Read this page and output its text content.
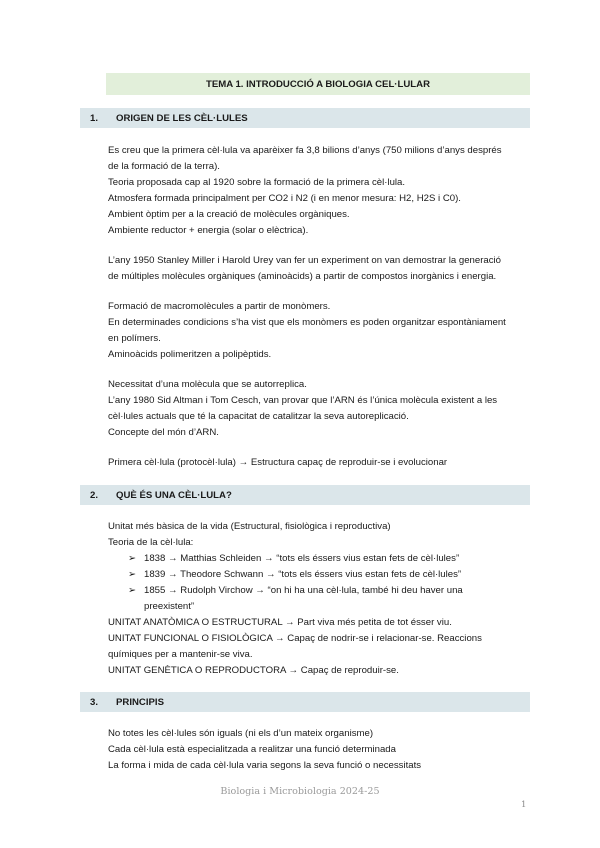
TEMA 1. INTRODUCCIÓ A BIOLOGIA CEL·LULAR
1.	ORIGEN DE LES CÈL·LULES
Es creu que la primera cèl·lula va aparèixer fa 3,8 bilions d’anys (750 milions d’anys després
de la formació de la terra).
Teoria proposada cap al 1920 sobre la formació de la primera cèl·lula.
Atmosfera formada principalment per CO2 i N2 (i en menor mesura: H2, H2S i C0).
Ambient òptim per a la creació de molècules orgàniques.
Ambiente reductor + energia (solar o elèctrica).
L’any 1950 Stanley Miller i Harold Urey van fer un experiment on van demostrar la generació
de múltiples molècules orgàniques (aminoàcids) a partir de compostos inorgànics i energia.
Formació de macromolècules a partir de monòmers.
En determinades condicions s’ha vist que els monòmers es poden organitzar espontàniament
en polímers.
Aminoàcids polimeritzen a polipèptids.
Necessitat d’una molècula que se autorreplica.
L’any 1980 Sid Altman i Tom Cesch, van provar que l’ARN és l’única molècula existent a les
cèl·lules actuals que té la capacitat de catalitzar la seva autoreplicació.
Concepte del món d’ARN.
Primera cèl·lula (protocèl·lula) → Estructura capaç de reproduir-se i evolucionar
2.	QUÈ ÉS UNA CÈL·LULA?
Unitat més bàsica de la vida (Estructural, fisiològica i reproductiva)
Teoria de la cèl·lula:
➢ 1838 → Matthias Schleiden → “tots els éssers vius estan fets de cèl·lules”
➢ 1839 → Theodore Schwann → “tots els éssers vius estan fets de cèl·lules”
➢ 1855 → Rudolph Virchow → “on hi ha una cèl·lula, també hi deu haver una
preexistent”
UNITAT ANATÒMICA O ESTRUCTURAL → Part viva més petita de tot ésser viu.
UNITAT FUNCIONAL O FISIOLÒGICA → Capaç de nodrir-se i relacionar-se. Reaccions
químiques per a mantenir-se viva.
UNITAT GENÈTICA O REPRODUCTORA → Capaç de reproduir-se.
3.	PRINCIPIS
No totes les cèl·lules són iguals (ni els d’un mateix organisme)
Cada cèl·lula està especialitzada a realitzar una funció determinada
La forma i mida de cada cèl·lula varia segons la seva funció o necessitats
Biologia i Microbiologia 2024-25
1
